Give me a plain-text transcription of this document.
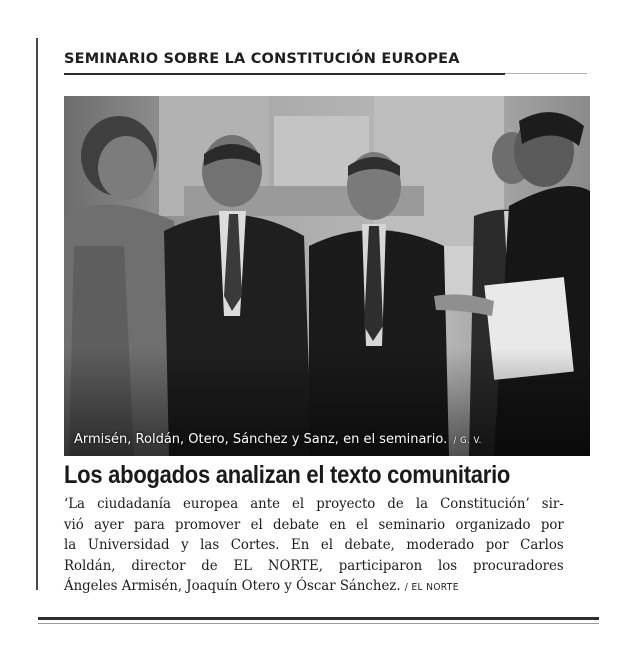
SEMINARIO SOBRE LA CONSTITUCIÓN EUROPEA
Armisén, Roldán, Otero, Sánchez y Sanz, en el seminario. / G. V.
Los abogados analizan el texto comunitario
‘La ciudadanía europea ante el proyecto de la Constitución’ sir-
vió ayer para promover el debate en el seminario organizado por
la Universidad y las Cortes. En el debate, moderado por Carlos
Roldán, director de EL NORTE, participaron los procuradores
Ángeles Armisén, Joaquín Otero y Óscar Sánchez. / EL NORTE
